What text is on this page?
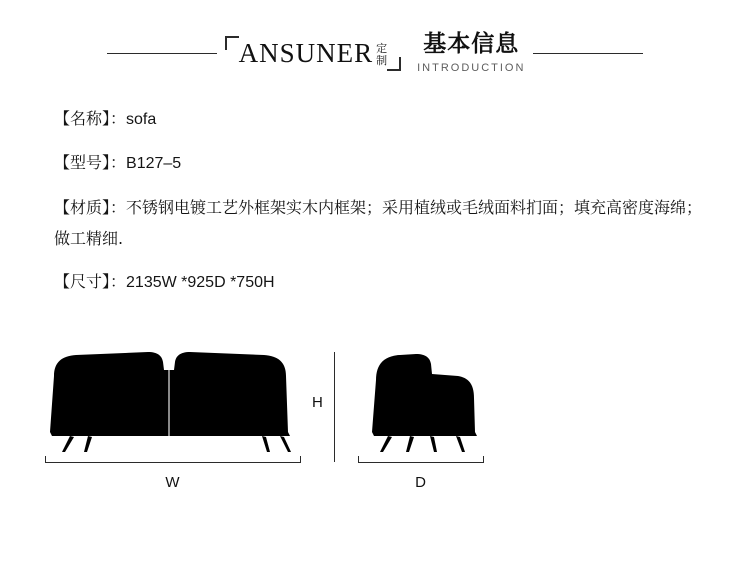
ANSUNER 定
制
基本信息
INTRODUCTION
【名称】：sofa
【型号】：B127–5
【材质】：不锈钢电镀工艺外框架实木内框架；采用植绒或毛绒面料扪面；填充高密度海绵；做工精细.
【尺寸】：2135W *925D *750H
H
W	D
